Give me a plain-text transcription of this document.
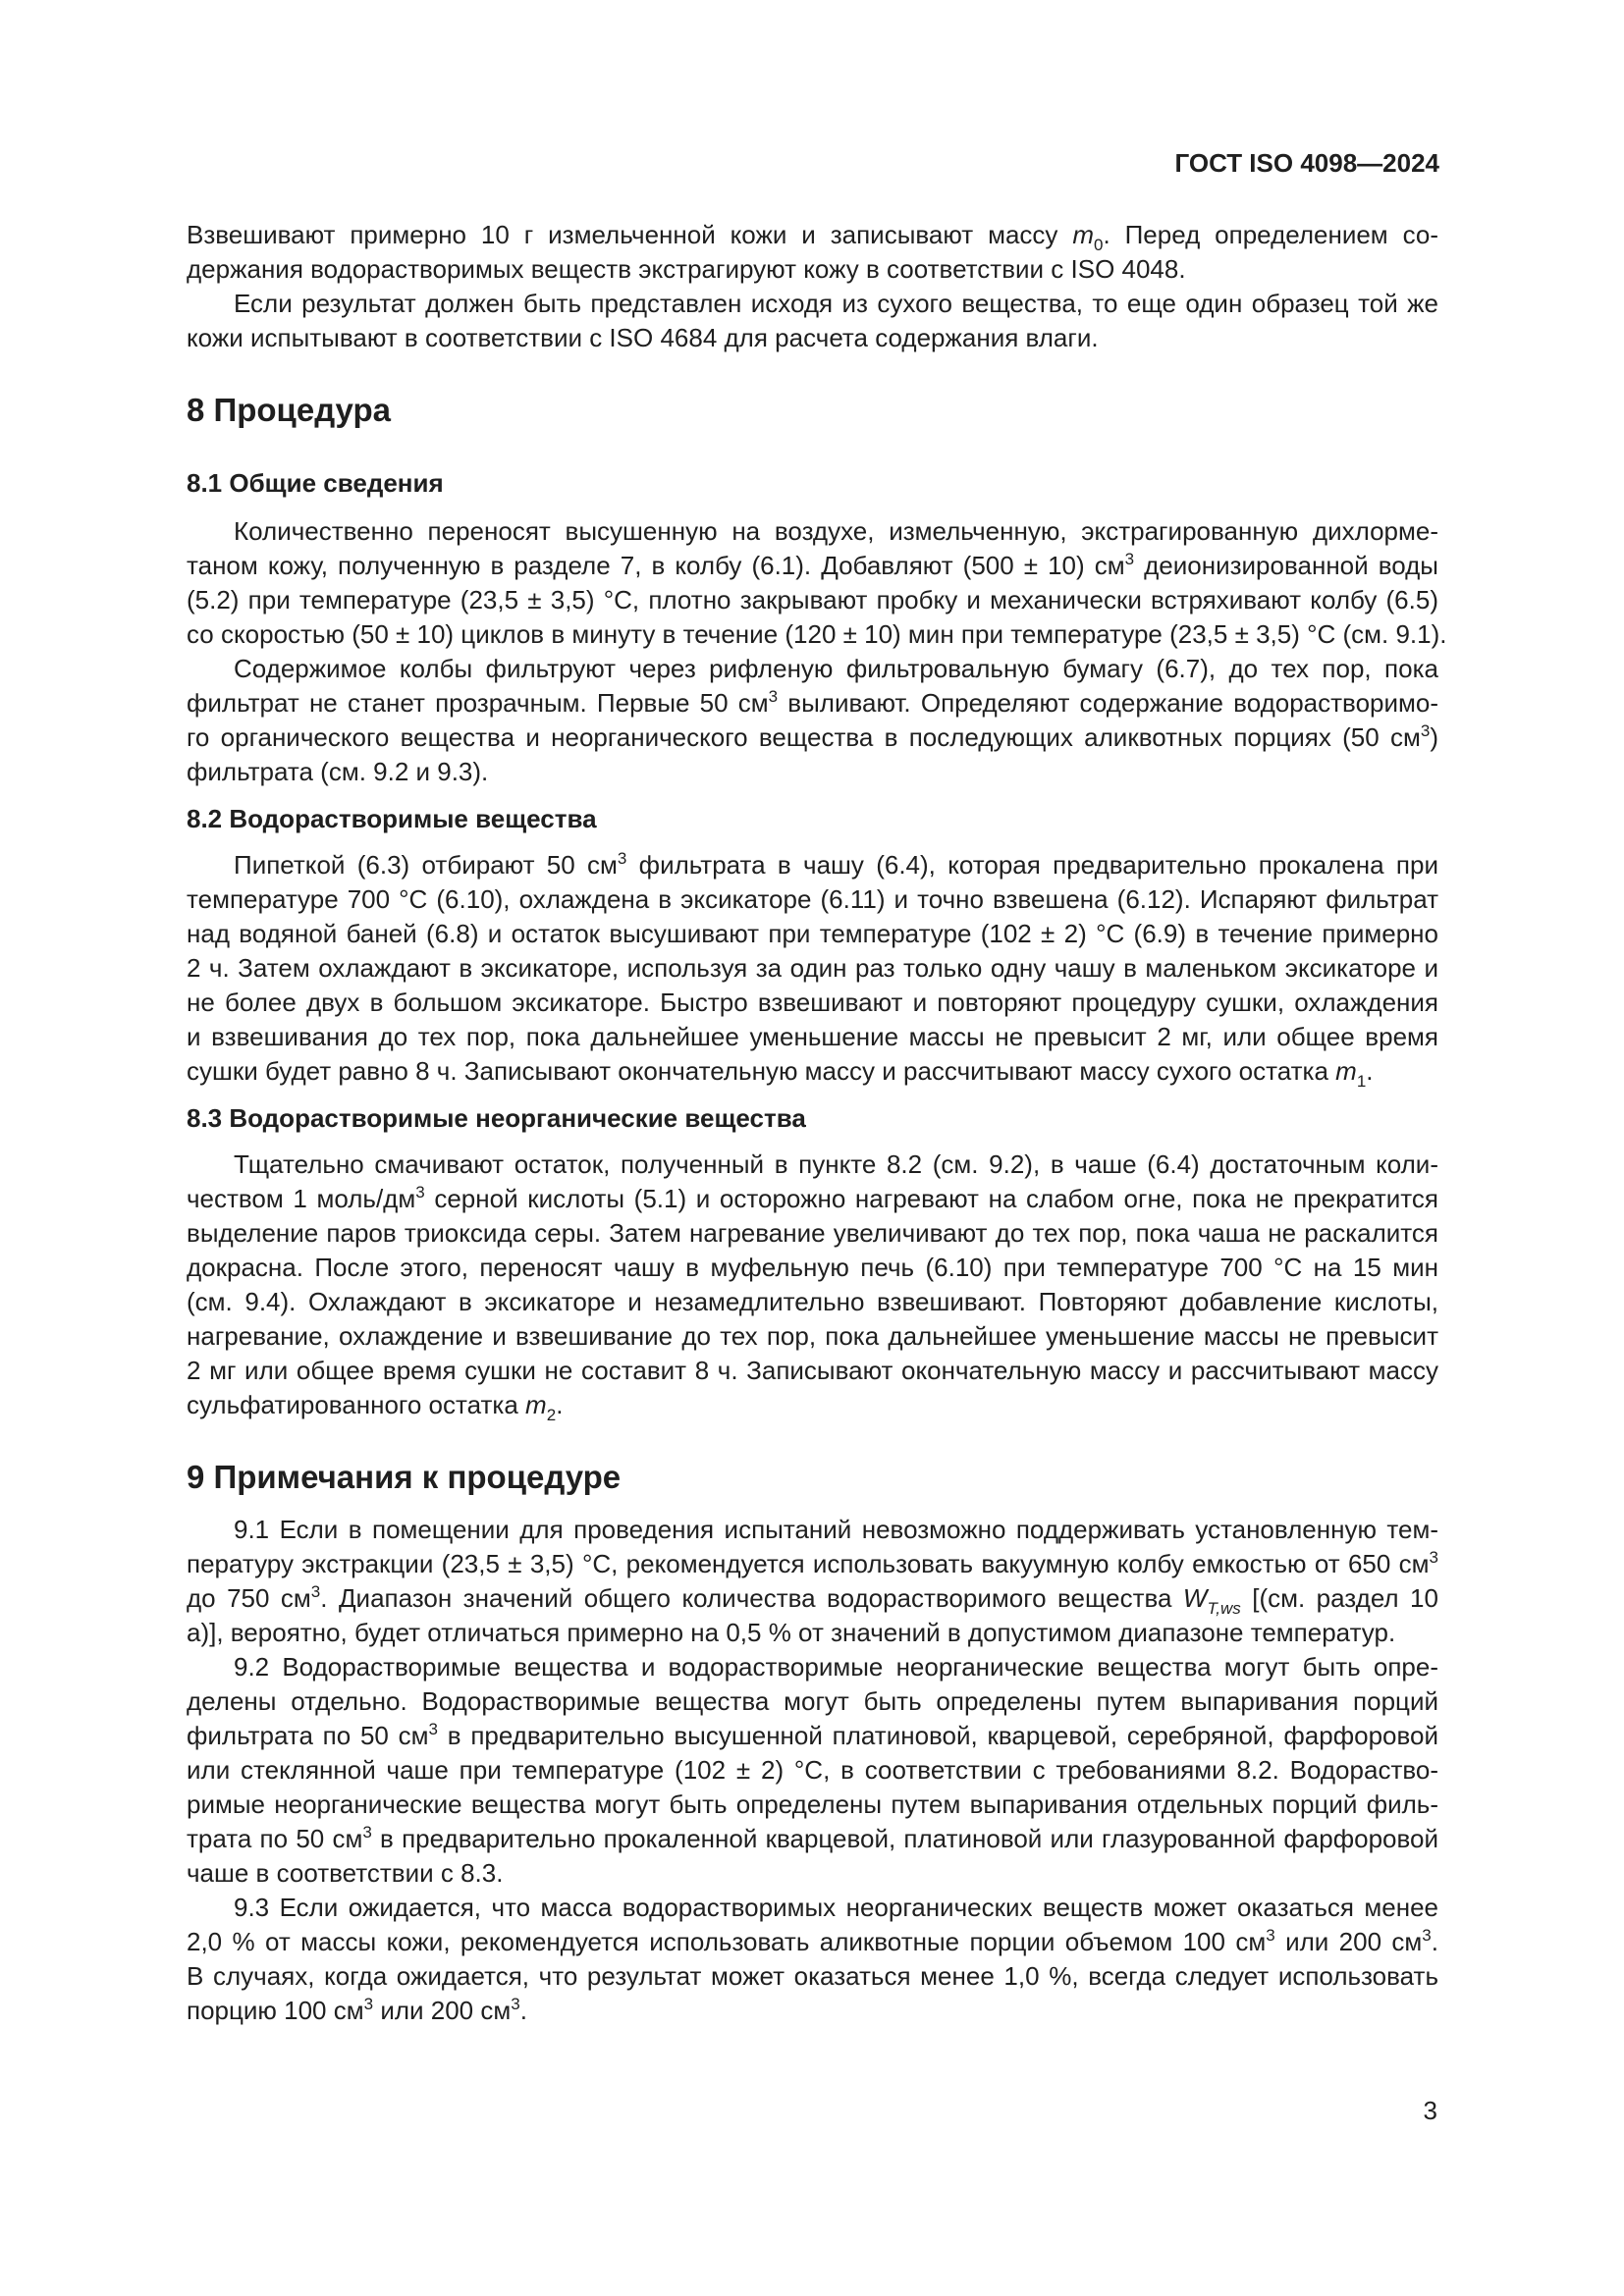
ГОСТ ISO 4098—2024
Взвешивают примерно 10 г измельченной кожи и записывают массу $m_0$. Перед определением со-
держания водорастворимых веществ экстрагируют кожу в соответствии с ISO 4048.
Если результат должен быть представлен исходя из сухого вещества, то еще один образец той же
кожи испытывают в соответствии с ISO 4684 для расчета содержания влаги.
8 Процедура
8.1 Общие сведения
Количественно переносят высушенную на воздухе, измельченную, экстрагированную дихлорме-
таном кожу, полученную в разделе 7, в колбу (6.1). Добавляют (500 ± 10) $см^3$ деионизированной воды
(5.2) при температуре (23,5 ± 3,5) °С, плотно закрывают пробку и механически встряхивают колбу (6.5)
со скоростью (50 ± 10) циклов в минуту в течение (120 ± 10) мин при температуре (23,5 ± 3,5) °С (см. 9.1).
Содержимое колбы фильтруют через рифленую фильтровальную бумагу (6.7), до тех пор, пока
фильтрат не станет прозрачным. Первые 50 $см^3$ выливают. Определяют содержание водорастворимо-
го органического вещества и неорганического вещества в последующих аликвотных порциях (50 $см^3$)
фильтрата (см. 9.2 и 9.3).
8.2 Водорастворимые вещества
Пипеткой (6.3) отбирают 50 $см^3$ фильтрата в чашу (6.4), которая предварительно прокалена при
температуре 700 °С (6.10), охлаждена в эксикаторе (6.11) и точно взвешена (6.12). Испаряют фильтрат
над водяной баней (6.8) и остаток высушивают при температуре (102 ± 2) °С (6.9) в течение примерно
2 ч. Затем охлаждают в эксикаторе, используя за один раз только одну чашу в маленьком эксикаторе и
не более двух в большом эксикаторе. Быстро взвешивают и повторяют процедуру сушки, охлаждения
и взвешивания до тех пор, пока дальнейшее уменьшение массы не превысит 2 мг, или общее время
сушки будет равно 8 ч. Записывают окончательную массу и рассчитывают массу сухого остатка $m_1$.
8.3 Водорастворимые неорганические вещества
Тщательно смачивают остаток, полученный в пункте 8.2 (см. 9.2), в чаше (6.4) достаточным коли-
чеством 1 моль/$дм^3$ серной кислоты (5.1) и осторожно нагревают на слабом огне, пока не прекратится
выделение паров триоксида серы. Затем нагревание увеличивают до тех пор, пока чаша не раскалится
докрасна. После этого, переносят чашу в муфельную печь (6.10) при температуре 700 °С на 15 мин
(см. 9.4). Охлаждают в эксикаторе и незамедлительно взвешивают. Повторяют добавление кислоты,
нагревание, охлаждение и взвешивание до тех пор, пока дальнейшее уменьшение массы не превысит
2 мг или общее время сушки не составит 8 ч. Записывают окончательную массу и рассчитывают массу
сульфатированного остатка $m_2$.
9 Примечания к процедуре
9.1 Если в помещении для проведения испытаний невозможно поддерживать установленную тем-
пературу экстракции (23,5 ± 3,5) °С, рекомендуется использовать вакуумную колбу емкостью от 650 $см^3$
до 750 $см^3$. Диапазон значений общего количества водорастворимого вещества $W_{T,ws}$ [(см. раздел 10
а)], вероятно, будет отличаться примерно на 0,5 % от значений в допустимом диапазоне температур.
9.2 Водорастворимые вещества и водорастворимые неорганические вещества могут быть опре-
делены отдельно. Водорастворимые вещества могут быть определены путем выпаривания порций
фильтрата по 50 $см^3$ в предварительно высушенной платиновой, кварцевой, серебряной, фарфоровой
или стеклянной чаше при температуре (102 ± 2) °С, в соответствии с требованиями 8.2. Водораство-
римые неорганические вещества могут быть определены путем выпаривания отдельных порций филь-
трата по 50 $см^3$ в предварительно прокаленной кварцевой, платиновой или глазурованной фарфоровой
чаше в соответствии с 8.3.
9.3 Если ожидается, что масса водорастворимых неорганических веществ может оказаться менее
2,0 % от массы кожи, рекомендуется использовать аликвотные порции объемом 100 $см^3$ или 200 $см^3$.
В случаях, когда ожидается, что результат может оказаться менее 1,0 %, всегда следует использовать
порцию 100 $см^3$ или 200 $см^3$.
3
